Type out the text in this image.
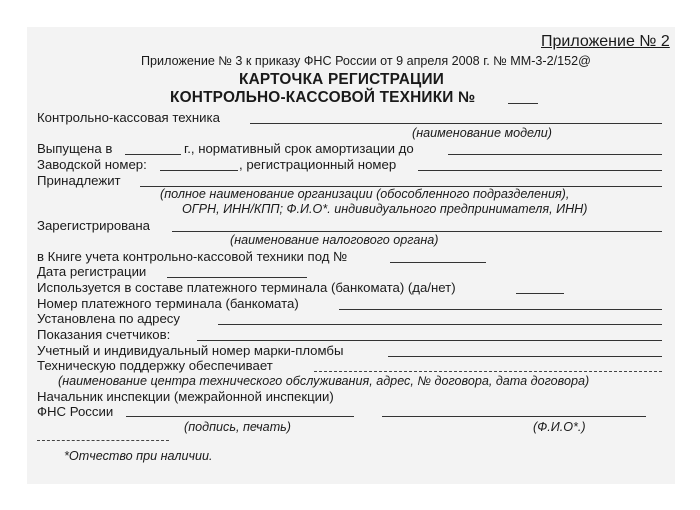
Приложение № 2
Приложение № 3 к приказу ФНС России от 9 апреля 2008 г. № ММ-3-2/152@
КАРТОЧКА РЕГИСТРАЦИИ
КОНТРОЛЬНО-КАССОВОЙ ТЕХНИКИ №
Контрольно-кассовая техника
(наименование модели)
Выпущена в	г., нормативный срок амортизации до
Заводской номер:	, регистрационный номер
Принадлежит
(полное наименование организации (обособленного подразделения),
ОГРН, ИНН/КПП; Ф.И.О*. индивидуального предпринимателя, ИНН)
Зарегистрирована
(наименование налогового органа)
в Книге учета контрольно-кассовой техники под №
Дата регистрации
Используется в составе платежного терминала (банкомата) (да/нет)
Номер платежного терминала (банкомата)
Установлена по адресу
Показания счетчиков:
Учетный и индивидуальный номер марки-пломбы
Техническую поддержку обеспечивает
(наименование центра технического обслуживания, адрес, № договора, дата договора)
Начальник инспекции (межрайонной инспекции)
ФНС России
(подпись, печать)	(Ф.И.О*.)
*Отчество при наличии.
